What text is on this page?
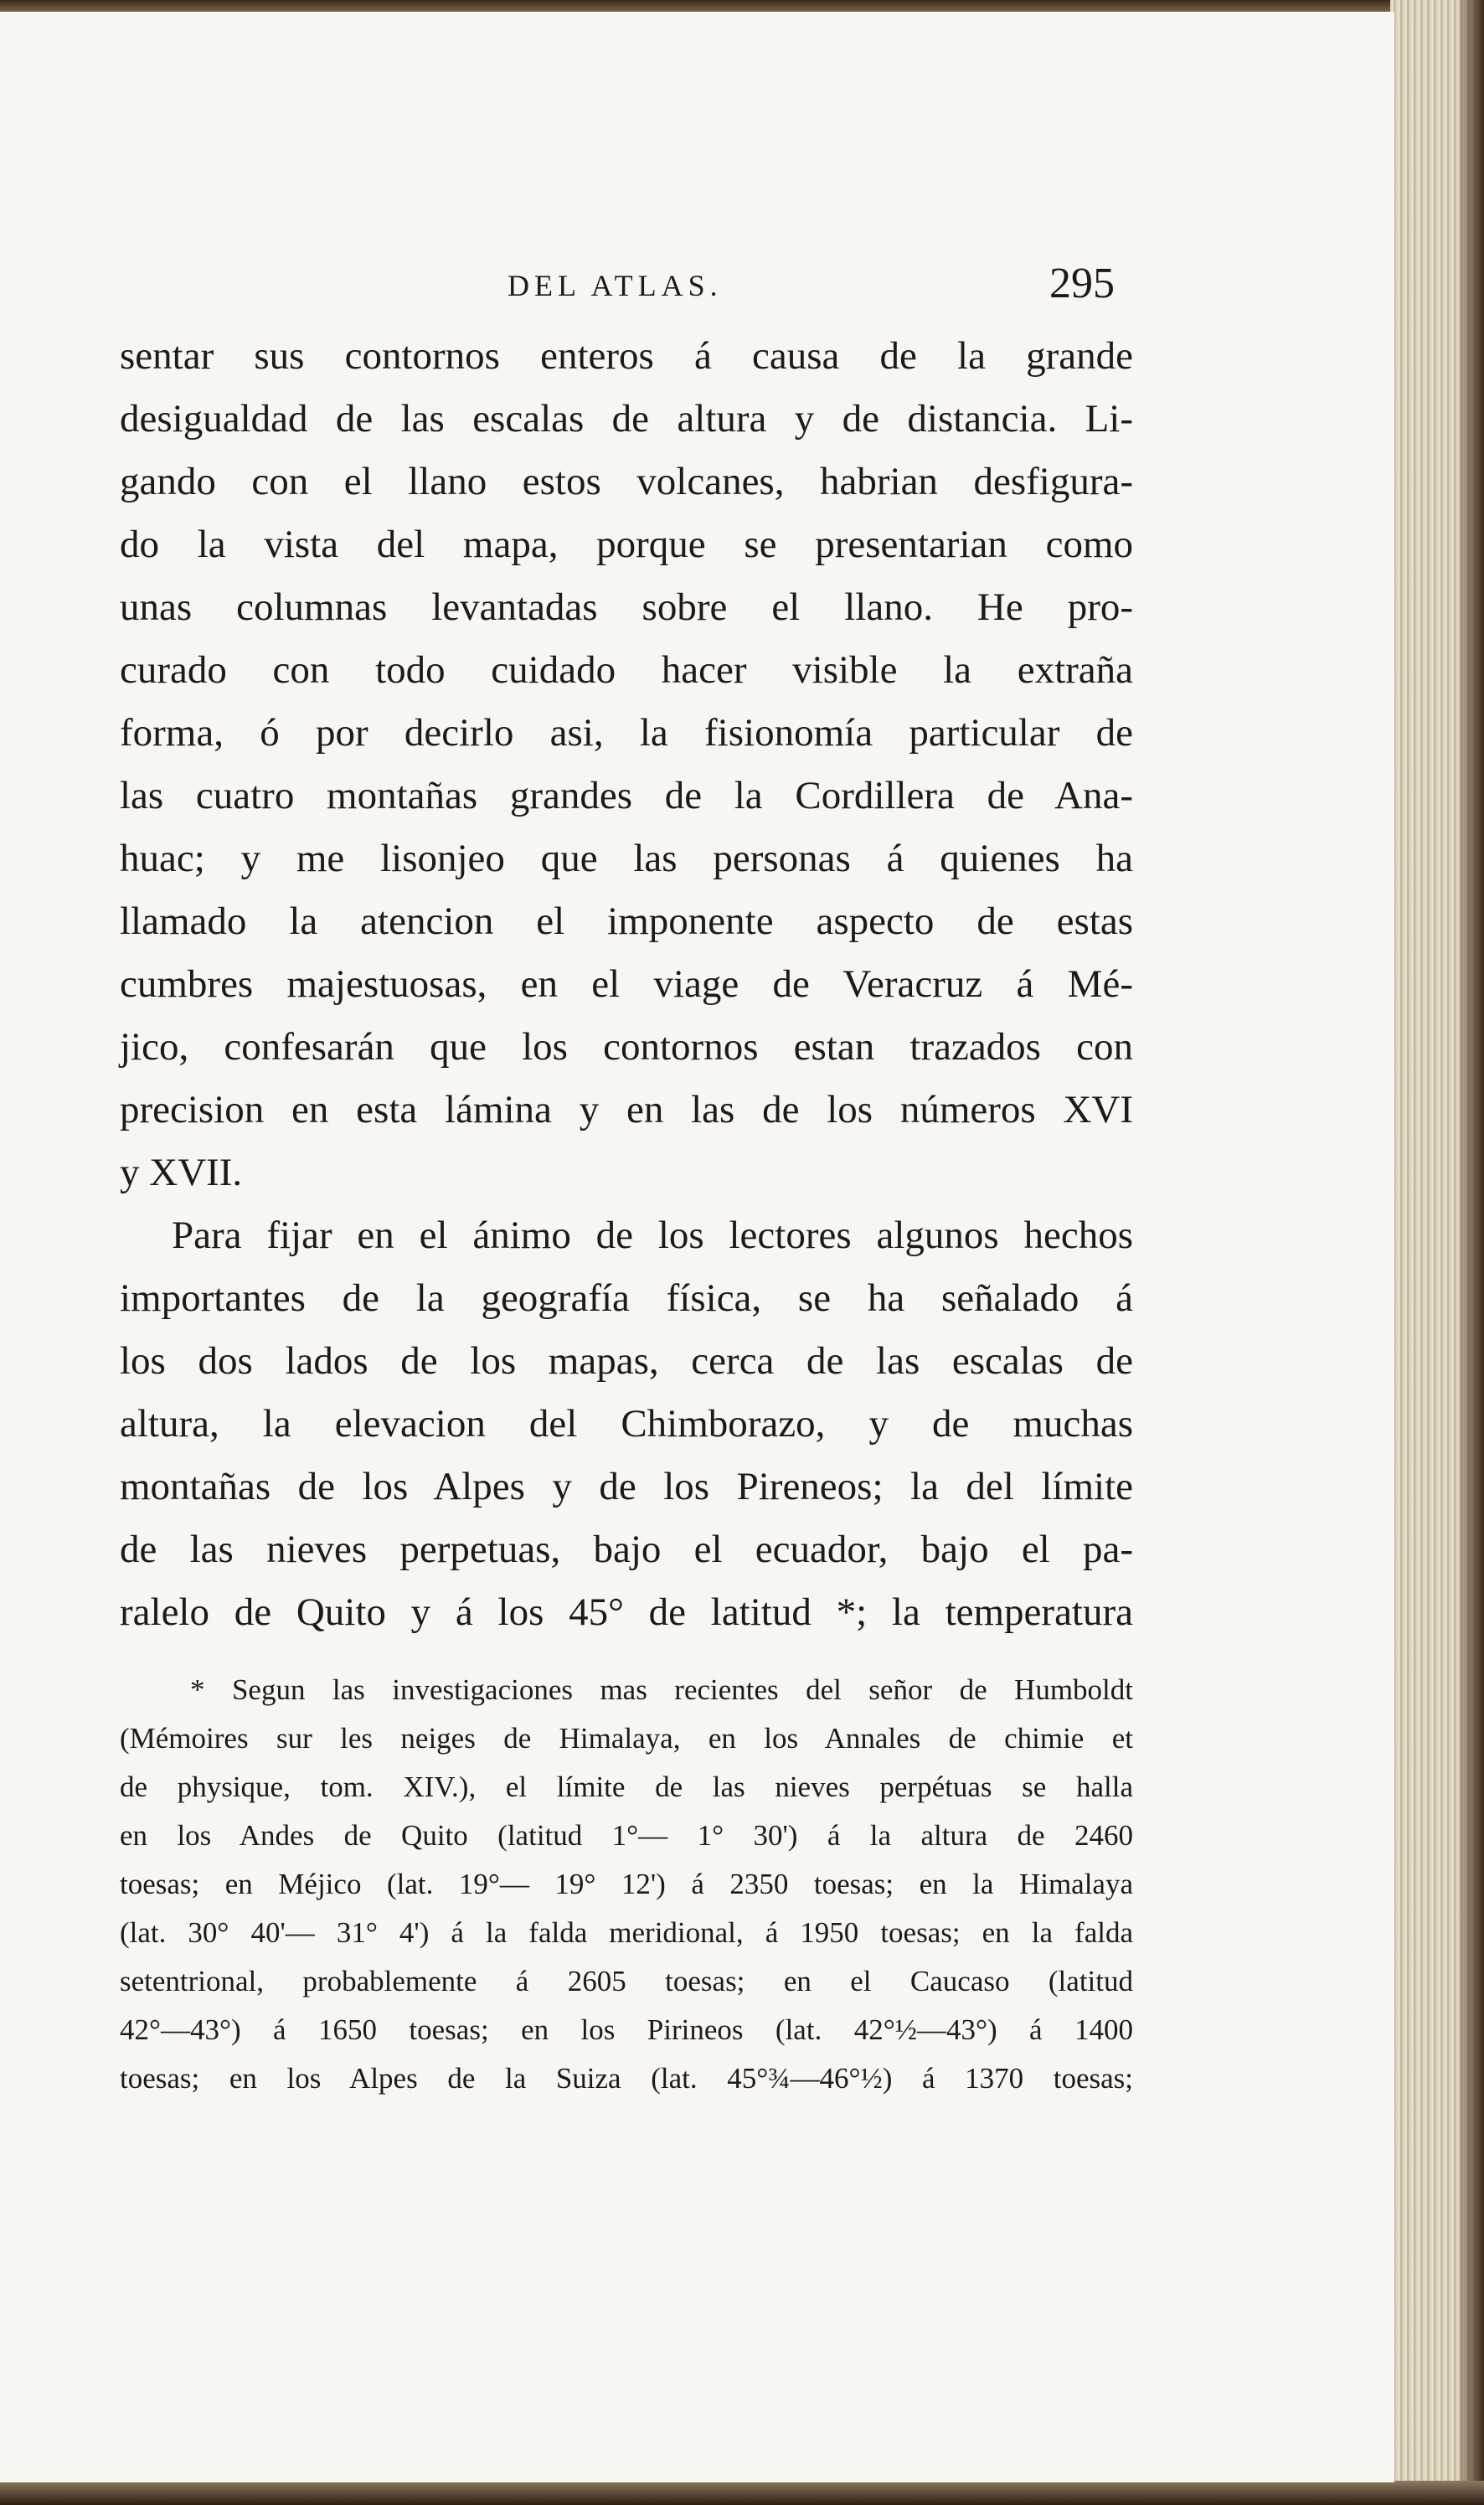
DEL ATLAS.	295
sentar sus contornos enteros á causa de la grande
desigualdad de las escalas de altura y de distancia. Li-
gando con el llano estos volcanes, habrian desfigura-
do la vista del mapa, porque se presentarian como
unas columnas levantadas sobre el llano. He pro-
curado con todo cuidado hacer visible la extraña
forma, ó por decirlo asi, la fisionomía particular de
las cuatro montañas grandes de la Cordillera de Ana-
huac; y me lisonjeo que las personas á quienes ha
llamado la atencion el imponente aspecto de estas
cumbres majestuosas, en el viage de Veracruz á Mé-
jico, confesarán que los contornos estan trazados con
precision en esta lámina y en las de los números XVI
y XVII.
Para fijar en el ánimo de los lectores algunos hechos
importantes de la geografía física, se ha señalado á
los dos lados de los mapas, cerca de las escalas de
altura, la elevacion del Chimborazo, y de muchas
montañas de los Alpes y de los Pireneos; la del límite
de las nieves perpetuas, bajo el ecuador, bajo el pa-
ralelo de Quito y á los 45° de latitud *; la temperatura
* Segun las investigaciones mas recientes del señor de Humboldt
(Mémoires sur les neiges de Himalaya, en los Annales de chimie et
de physique, tom. XIV.), el límite de las nieves perpétuas se halla
en los Andes de Quito (latitud 1°— 1° 30') á la altura de 2460
toesas; en Méjico (lat. 19°— 19° 12') á 2350 toesas; en la Himalaya
(lat. 30° 40'— 31° 4') á la falda meridional, á 1950 toesas; en la falda
setentrional, probablemente á 2605 toesas; en el Caucaso (latitud
42°—43°) á 1650 toesas; en los Pirineos (lat. 42°½—43°) á 1400
toesas; en los Alpes de la Suiza (lat. 45°¾—46°½) á 1370 toesas;
